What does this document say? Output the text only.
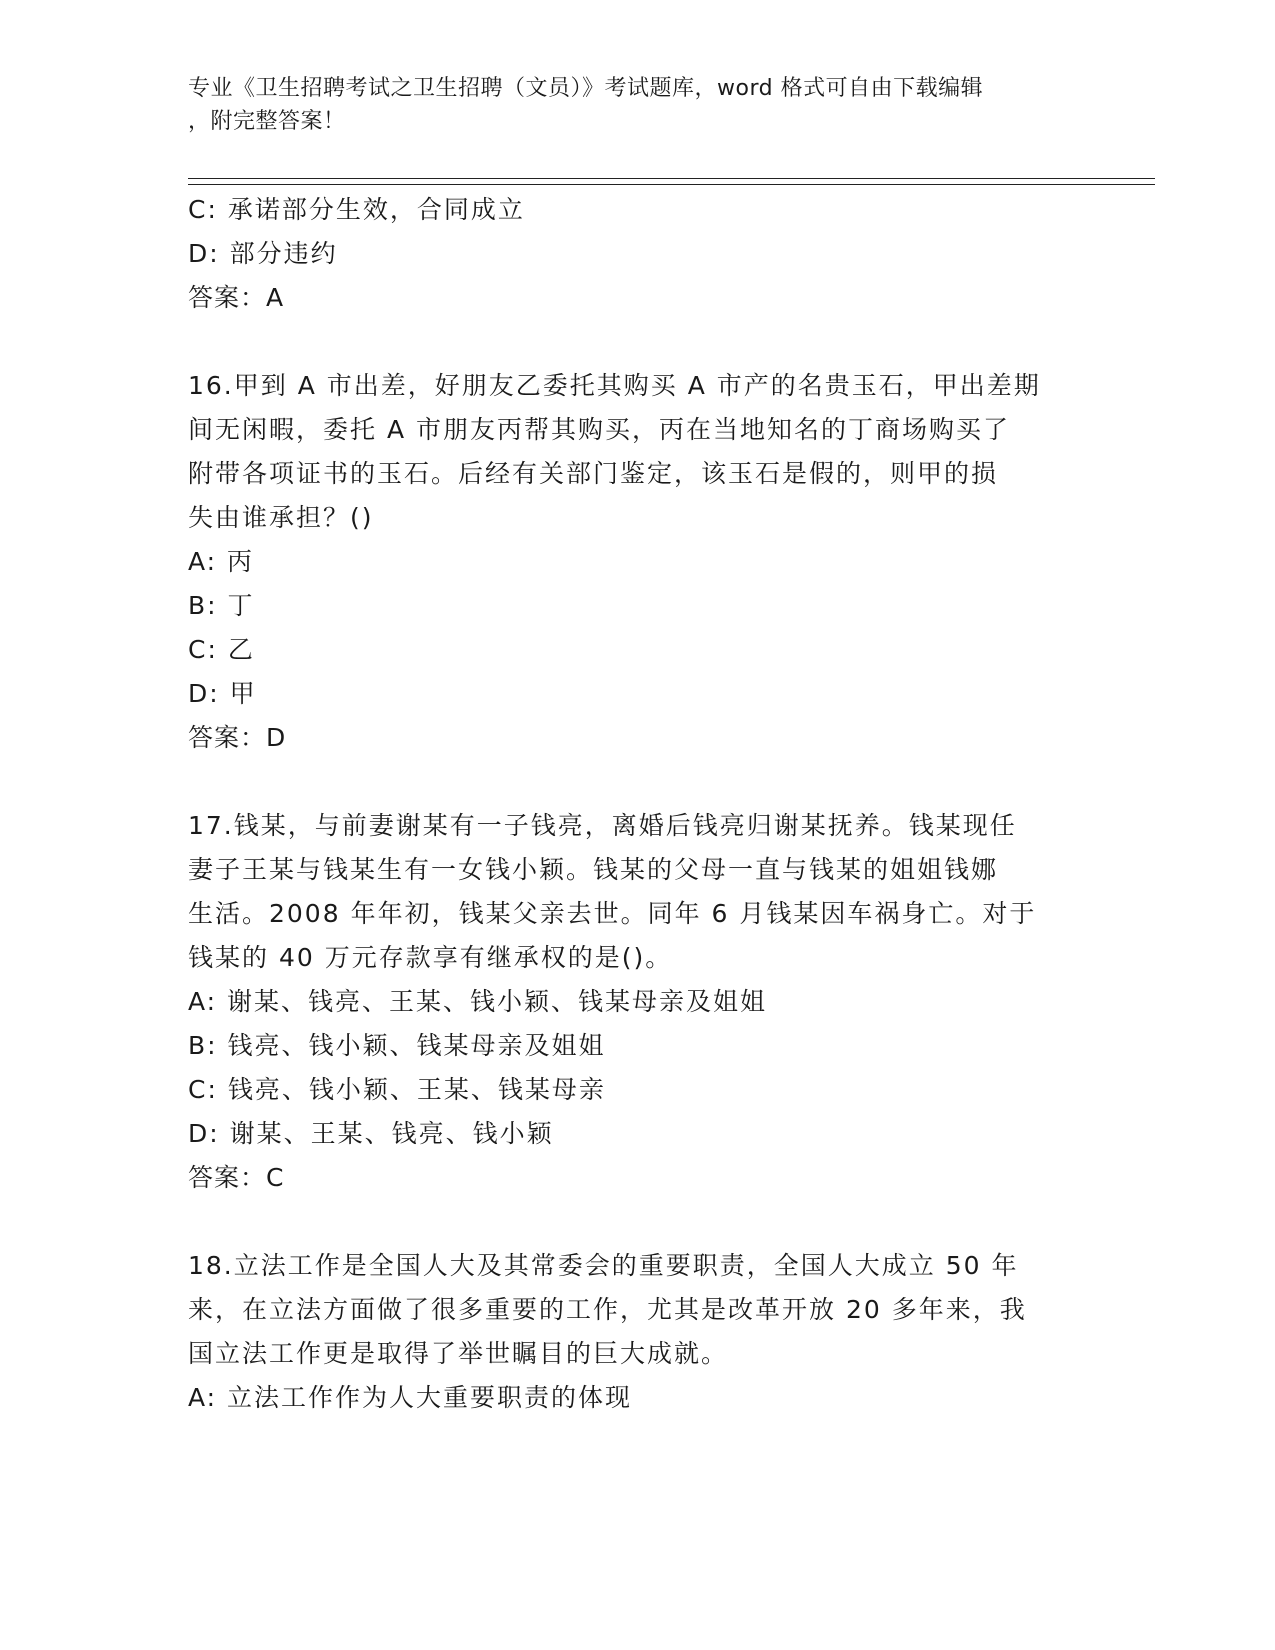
专业《卫生招聘考试之卫生招聘（文员）》考试题库，word 格式可自由下载编辑
，附完整答案！
C: 承诺部分生效，合同成立
D: 部分违约
答案：A
16.甲到 A 市出差，好朋友乙委托其购买 A 市产的名贵玉石，甲出差期
间无闲暇，委托 A 市朋友丙帮其购买，丙在当地知名的丁商场购买了
附带各项证书的玉石。后经有关部门鉴定，该玉石是假的，则甲的损
失由谁承担？()
A: 丙
B: 丁
C: 乙
D: 甲
答案：D
17.钱某，与前妻谢某有一子钱亮，离婚后钱亮归谢某抚养。钱某现任
妻子王某与钱某生有一女钱小颖。钱某的父母一直与钱某的姐姐钱娜
生活。2008 年年初，钱某父亲去世。同年 6 月钱某因车祸身亡。对于
钱某的 40 万元存款享有继承权的是()。
A: 谢某、钱亮、王某、钱小颖、钱某母亲及姐姐
B: 钱亮、钱小颖、钱某母亲及姐姐
C: 钱亮、钱小颖、王某、钱某母亲
D: 谢某、王某、钱亮、钱小颖
答案：C
18.立法工作是全国人大及其常委会的重要职责，全国人大成立 50 年
来，在立法方面做了很多重要的工作，尤其是改革开放 20 多年来，我
国立法工作更是取得了举世瞩目的巨大成就。
A: 立法工作作为人大重要职责的体现
